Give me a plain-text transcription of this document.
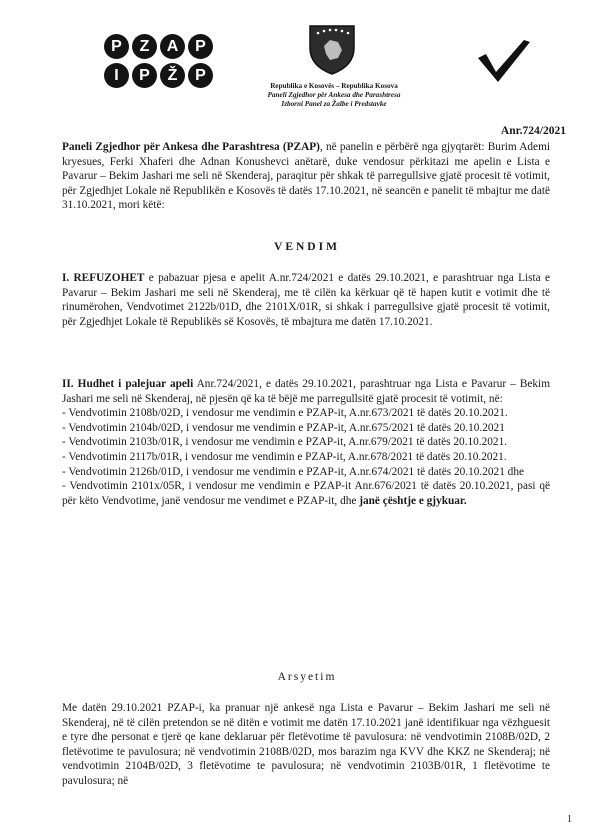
P	Z	A	P
I	P	Ž	P
Republika e Kosovës – Republika Kosova
Paneli Zgjedhor për Ankesa dhe Parashtresa
Izborni Panel za Žalbe i Predstavke
Anr.724/2021

Paneli Zgjedhor për Ankesa dhe Parashtresa (PZAP), në panelin e përbërë nga gjyqtarët: Burim Ademi kryesues, Ferki Xhaferi dhe Adnan Konushevci anëtarë, duke vendosur përkitazi me apelin e Lista e Pavarur – Bekim Jashari me seli në Skenderaj, paraqitur për shkak të parregullsive gjatë procesit të votimit, për Zgjedhjet Lokale në Republikën e Kosovës të datës 17.10.2021, në seancën e panelit të mbajtur me datë 31.10.2021, mori këtë:

VENDIM

I. REFUZOHET e pabazuar pjesa e apelit A.nr.724/2021 e datës 29.10.2021, e parashtruar nga Lista e Pavarur – Bekim Jashari me seli në Skenderaj, me të cilën ka kërkuar që të hapen kutit e votimit dhe të rinumërohen, Vendvotimet 2122b/01D, dhe 2101X/01R, si shkak i parregullsive gjatë procesit të votimit, për Zgjedhjet Lokale të Republikës së Kosovës, të mbajtura me datën 17.10.2021.

II. Hudhet i palejuar apeli Anr.724/2021, e datës 29.10.2021, parashtruar nga Lista e Pavarur – Bekim Jashari me seli në Skenderaj, në pjesën që ka të bëjë me parregullsitë gjatë procesit të votimit, në:
- Vendvotimin 2108b/02D, i vendosur me vendimin e PZAP-it, A.nr.673/2021 të datës 20.10.2021.
- Vendvotimin 2104b/02D, i vendosur me vendimin e PZAP-it, A.nr.675/2021 të datës 20.10.2021
- Vendvotimin 2103b/01R, i vendosur me vendimin e PZAP-it, A.nr.679/2021 të datës 20.10.2021.
- Vendvotimin 2117b/01R, i vendosur me vendimin e PZAP-it, A.nr.678/2021 të datës 20.10.2021.
- Vendvotimin 2126b/01D, i vendosur me vendimin e PZAP-it, A.nr.674/2021 të datës 20.10.2021 dhe
- Vendvotimin 2101x/05R, i vendosur me vendimin e PZAP-it Anr.676/2021 të datës 20.10.2021, pasi që për këto Vendvotime, janë vendosur me vendimet e PZAP-it, dhe janë çështje e gjykuar.
Arsyetim

Me datën 29.10.2021 PZAP-i, ka pranuar një ankesë nga Lista e Pavarur – Bekim Jashari me seli në Skenderaj, në të cilën pretendon se në ditën e votimit me datën 17.10.2021 janë identifikuar nga vëzhguesit e tyre dhe personat e tjerë qe kane deklaruar për fletëvotime të pavulosura: në vendvotimin 2108B/02D, 2 fletëvotime te pavulosura; në vendvotimin 2108B/02D, mos barazim nga KVV dhe KKZ ne Skenderaj; në vendvotimin 2104B/02D, 3 fletëvotime te pavulosura; në vendvotimin 2103B/01R, 1 fletëvotime te pavulosura; në

1
